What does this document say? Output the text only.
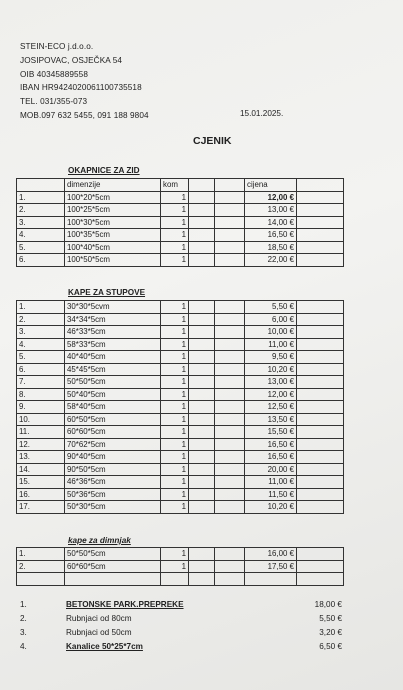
STEIN-ECO j.d.o.o.
JOSIPOVAC, OSJEČKA 54
OIB 40345889558
IBAN HR9424020061100735518
TEL. 031/355-073
MOB.097 632 5455, 091 188 9804	15.01.2025.
CJENIK
OKAPNICE ZA ZID
	dimenzije	kom			cijena	
1.	100*20*5cm	1			12,00 €	
2.	100*25*5cm	1			13,00 €	
3.	100*30*5cm	1			14,00 €	
4.	100*35*5cm	1			16,50 €	
5.	100*40*5cm	1			18,50 €	
6.	100*50*5cm	1			22,00 €	
KAPE ZA STUPOVE
1.	30*30*5cvm	1			5,50 €	
2.	34*34*5cm	1			6,00 €	
3.	46*33*5cm	1			10,00 €	
4.	58*33*5cm	1			11,00 €	
5.	40*40*5cm	1			9,50 €	
6.	45*45*5cm	1			10,20 €	
7.	50*50*5cm	1			13,00 €	
8.	50*40*5cm	1			12,00 €	
9.	58*40*5cm	1			12,50 €	
10.	60*50*5cm	1			13,50 €	
11.	60*60*5cm	1			15,50 €	
12.	70*62*5cm	1			16,50 €	
13.	90*40*5cm	1			16,50 €	
14.	90*50*5cm	1			20,00 €	
15.	46*36*5cm	1			11,00 €	
16.	50*36*5cm	1			11,50 €	
17.	50*30*5cm	1			10,20 €	
kape za dimnjak
1.	50*50*5cm	1			16,00 €	
2.	60*60*5cm	1			17,50 €	

1.	BETONSKE PARK.PREPREKE	18,00 €
2.	Rubnjaci od 80cm	5,50 €
3.	Rubnjaci od 50cm	3,20 €
4.	Kanalice 50*25*7cm	6,50 €
